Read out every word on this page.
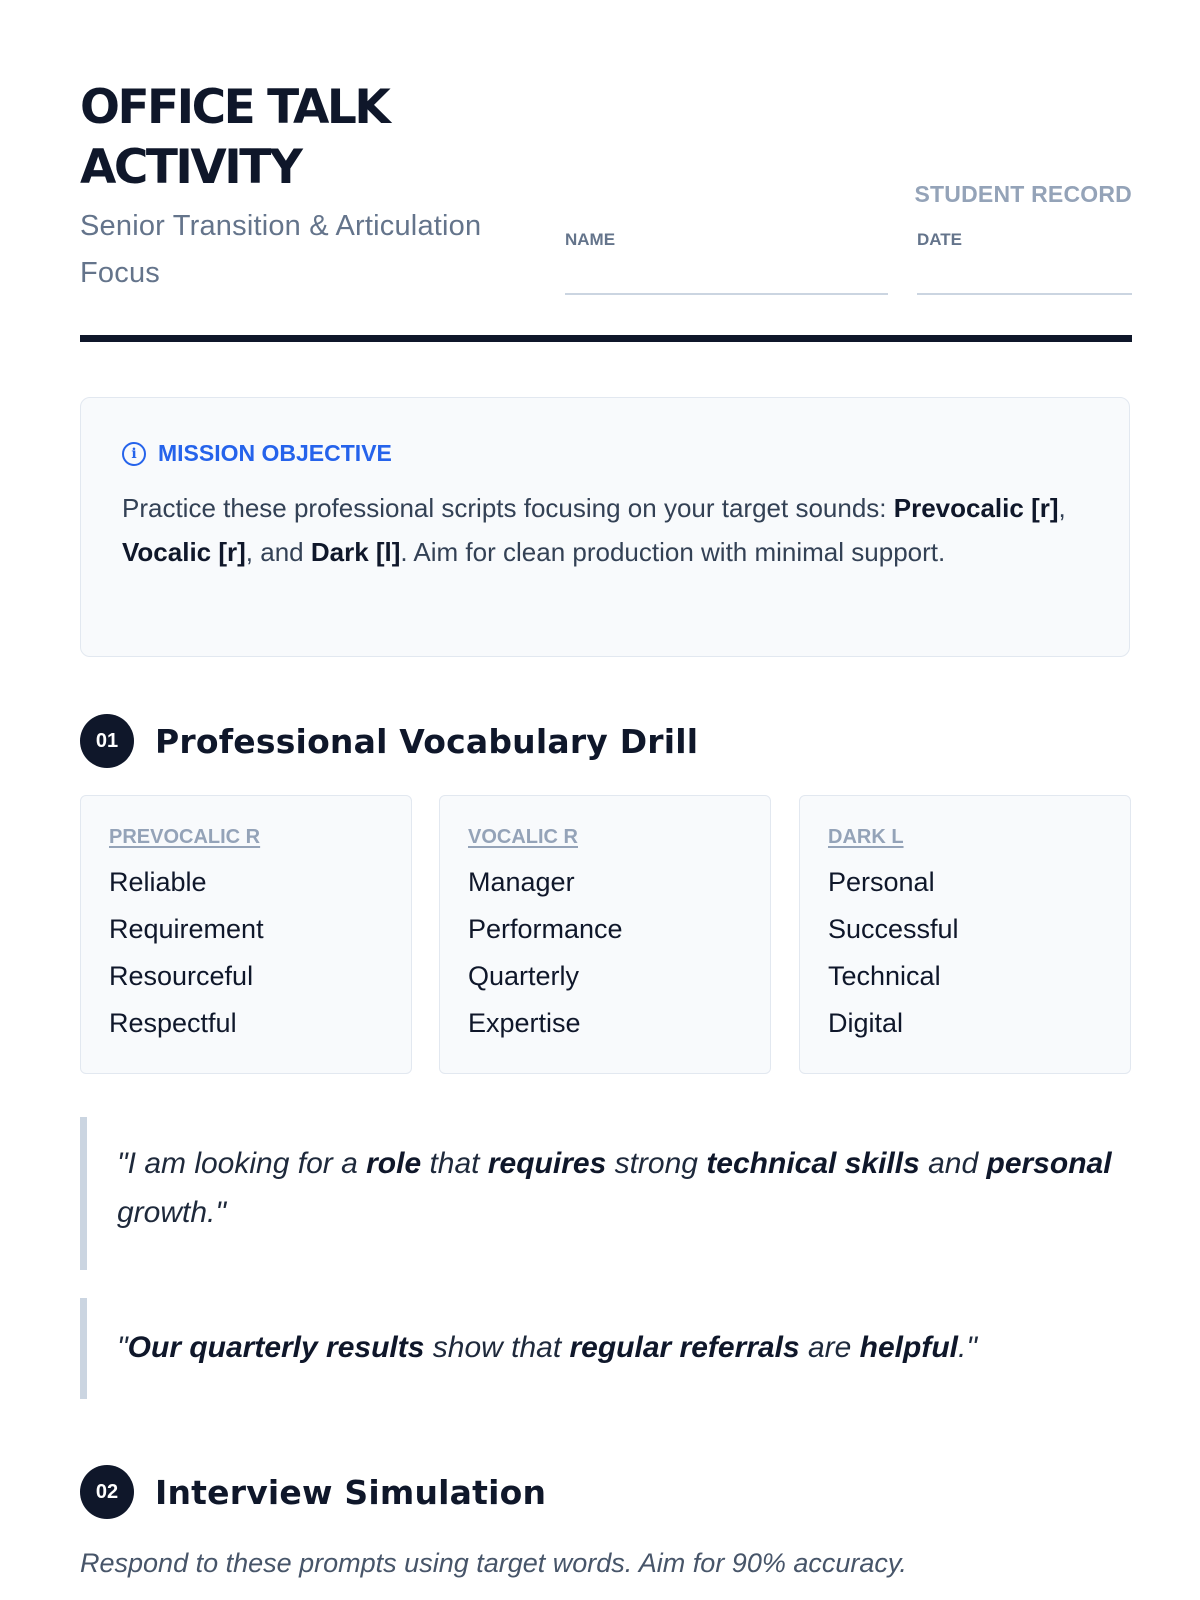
OFFICE TALK ACTIVITY
Senior Transition & Articulation Focus
STUDENT RECORD
NAME	DATE
i MISSION OBJECTIVE
Practice these professional scripts focusing on your target sounds: Prevocalic [r], Vocalic [r], and Dark [l]. Aim for clean production with minimal support.
01	Professional Vocabulary Drill
PREVOCALIC R
Reliable
Requirement
Resourceful
Respectful
VOCALIC R
Manager
Performance
Quarterly
Expertise
DARK L
Personal
Successful
Technical
Digital
"I am looking for a role that requires strong technical skills and personal growth."
"Our quarterly results show that regular referrals are helpful."
02	Interview Simulation
Respond to these prompts using target words. Aim for 90% accuracy.
